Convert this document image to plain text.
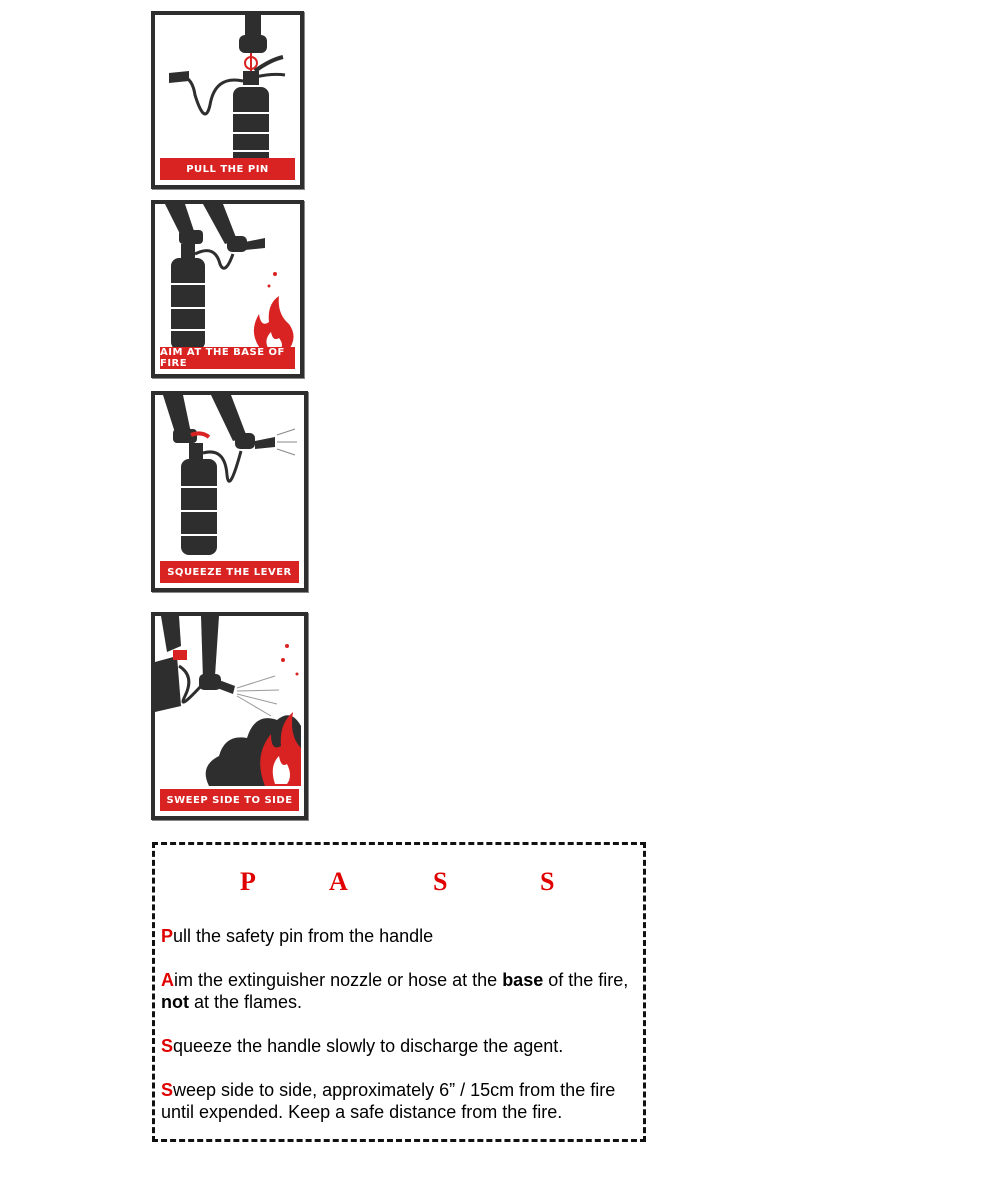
PULL THE PIN
AIM AT THE BASE OF FIRE
SQUEEZE THE LEVER
SWEEP SIDE TO SIDE
P	A	S	S
Pull the safety pin from the handle
Aim the extinguisher nozzle or hose at the base of the fire, not at the flames.
Squeeze the handle slowly to discharge the agent.
Sweep side to side, approximately 6” / 15cm from the fire until expended. Keep a safe distance from the fire.
